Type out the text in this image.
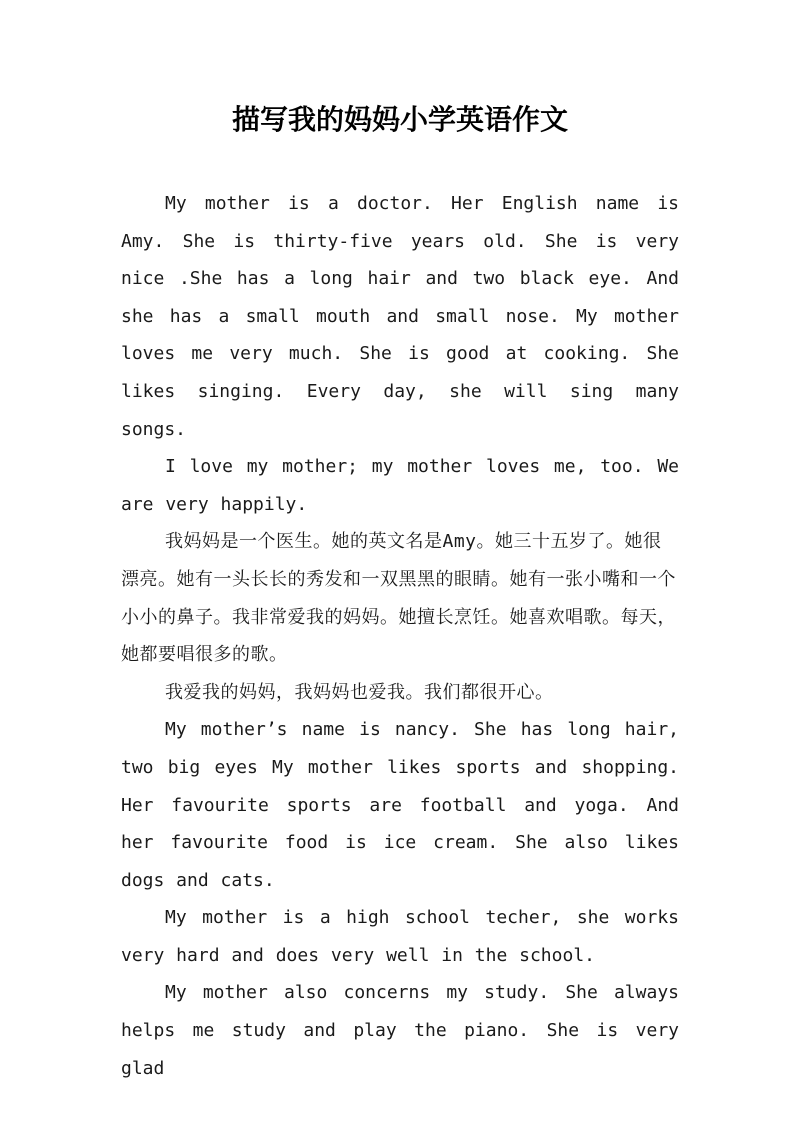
描写我的妈妈小学英语作文

My mother is a doctor. Her English name is Amy. She is thirty-five years old. She is very nice .She has a long hair and two black eye. And she has a small mouth and small nose. My mother loves me very much. She is good at cooking. She likes singing. Every day, she will sing many songs.

I love my mother; my mother loves me, too. We are very happily.

我妈妈是一个医生。她的英文名是Amy。她三十五岁了。她很漂亮。她有一头长长的秀发和一双黑黑的眼睛。她有一张小嘴和一个小小的鼻子。我非常爱我的妈妈。她擅长烹饪。她喜欢唱歌。每天，她都要唱很多的歌。

我爱我的妈妈，我妈妈也爱我。我们都很开心。

My mother’s name is nancy. She has long hair, two big eyes My mother likes sports and shopping. Her favourite sports are football and yoga. And her favourite food is ice cream. She also likes dogs and cats.

My mother is a high school techer, she works very hard and does very well in the school.

My mother also concerns my study. She always helps me study and play the piano. She is very glad
